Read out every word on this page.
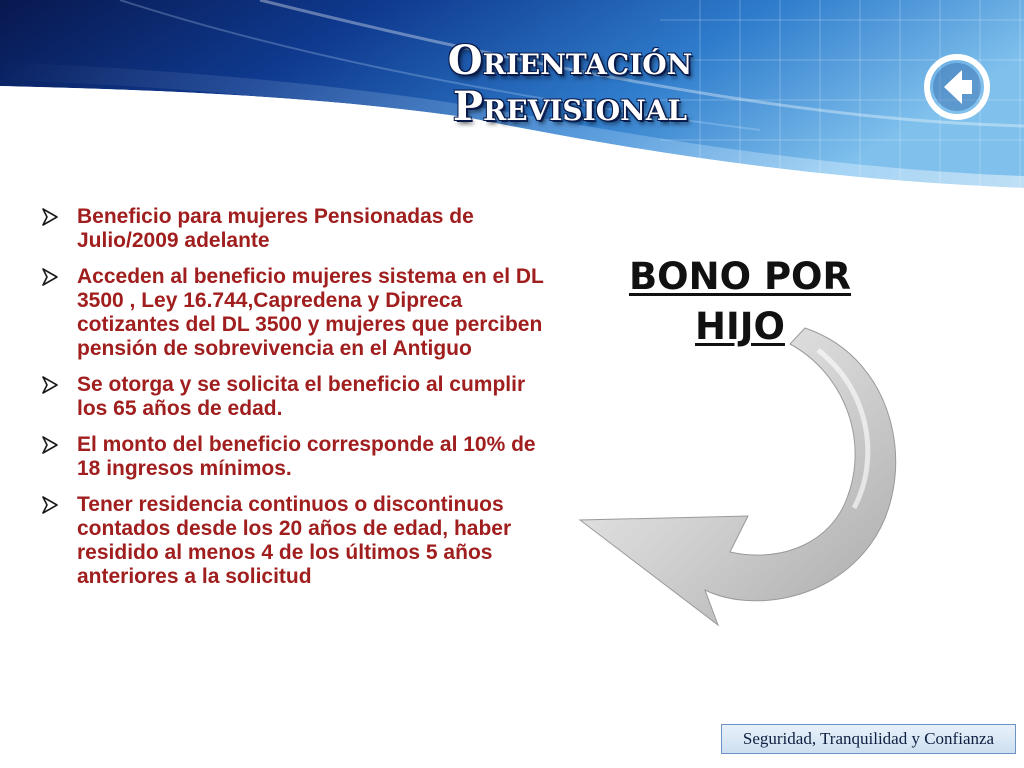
Orientación
Previsional
Beneficio para mujeres Pensionadas de Julio/2009 adelante
Acceden al beneficio mujeres sistema en el DL 3500 , Ley 16.744,Capredena y Dipreca cotizantes del DL 3500 y mujeres que perciben pensión de sobrevivencia en el Antiguo
Se otorga y se solicita el beneficio al cumplir los 65 años de edad.
El monto del beneficio corresponde al 10% de 18 ingresos mínimos.
Tener residencia continuos o discontinuos contados desde los 20 años de edad, haber residido al menos 4 de los últimos 5 años anteriores a la solicitud
BONO POR
HIJO
Seguridad, Tranquilidad y Confianza
